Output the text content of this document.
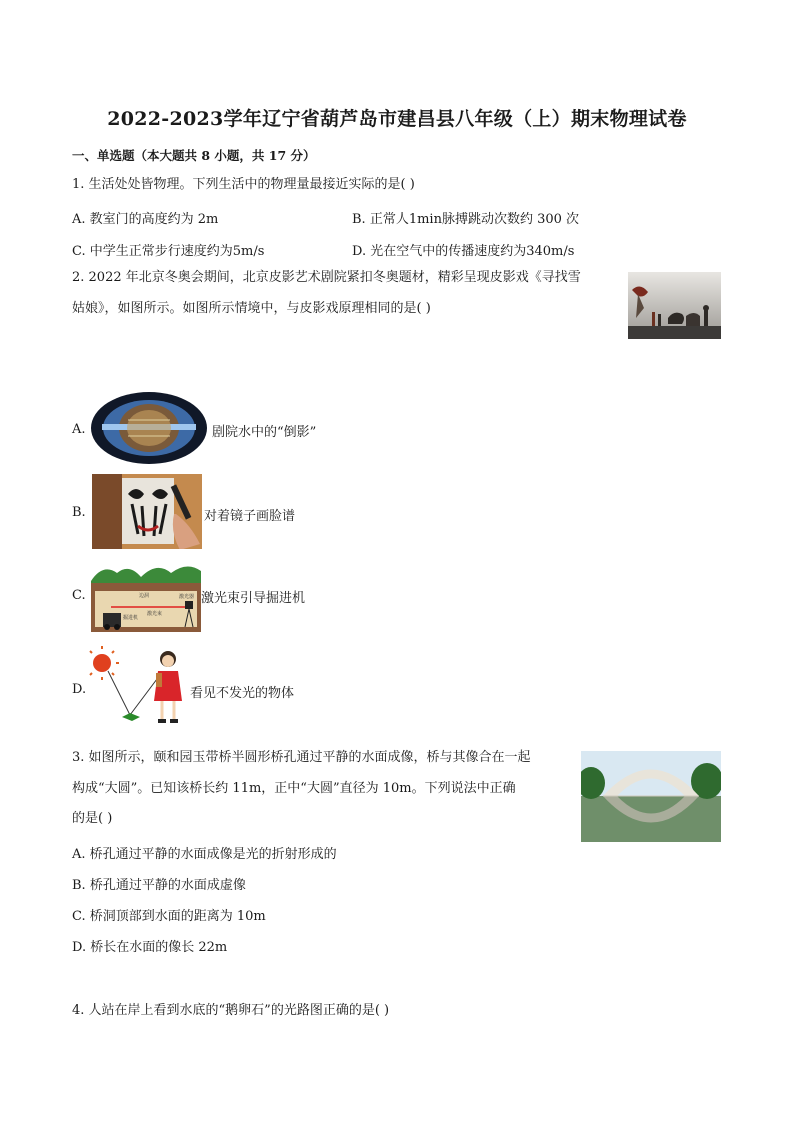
2022-2023学年辽宁省葫芦岛市建昌县八年级（上）期末物理试卷
一、单选题（本大题共 8 小题，共 17 分）
1. 生活处处皆物理。下列生活中的物理量最接近实际的是( )
A. 教室门的高度约为 2m	B. 正常人1min脉搏跳动次数约 300 次
C. 中学生正常步行速度约为5m/s	D. 光在空气中的传播速度约为340m/s
2. 2022 年北京冬奥会期间，北京皮影艺术剧院紧扣冬奥题材，精彩呈现皮影戏《寻找雪
姑娘》，如图所示。如图所示情境中，与皮影戏原理相同的是( )
A.	剧院水中的“倒影”
B.	对着镜子画脸谱
C.	边洞
激光束
激光器
掘进机
激光束引导掘进机
D.	看见不发光的物体
3. 如图所示，颐和园玉带桥半圆形桥孔通过平静的水面成像，桥与其像合在一起
构成“大圆”。已知该桥长约 11m，正中“大圆”直径为 10m。下列说法中正确
的是( )
A. 桥孔通过平静的水面成像是光的折射形成的
B. 桥孔通过平静的水面成虚像
C. 桥洞顶部到水面的距离为 10m
D. 桥长在水面的像长 22m
4. 人站在岸上看到水底的“鹅卵石”的光路图正确的是( )
